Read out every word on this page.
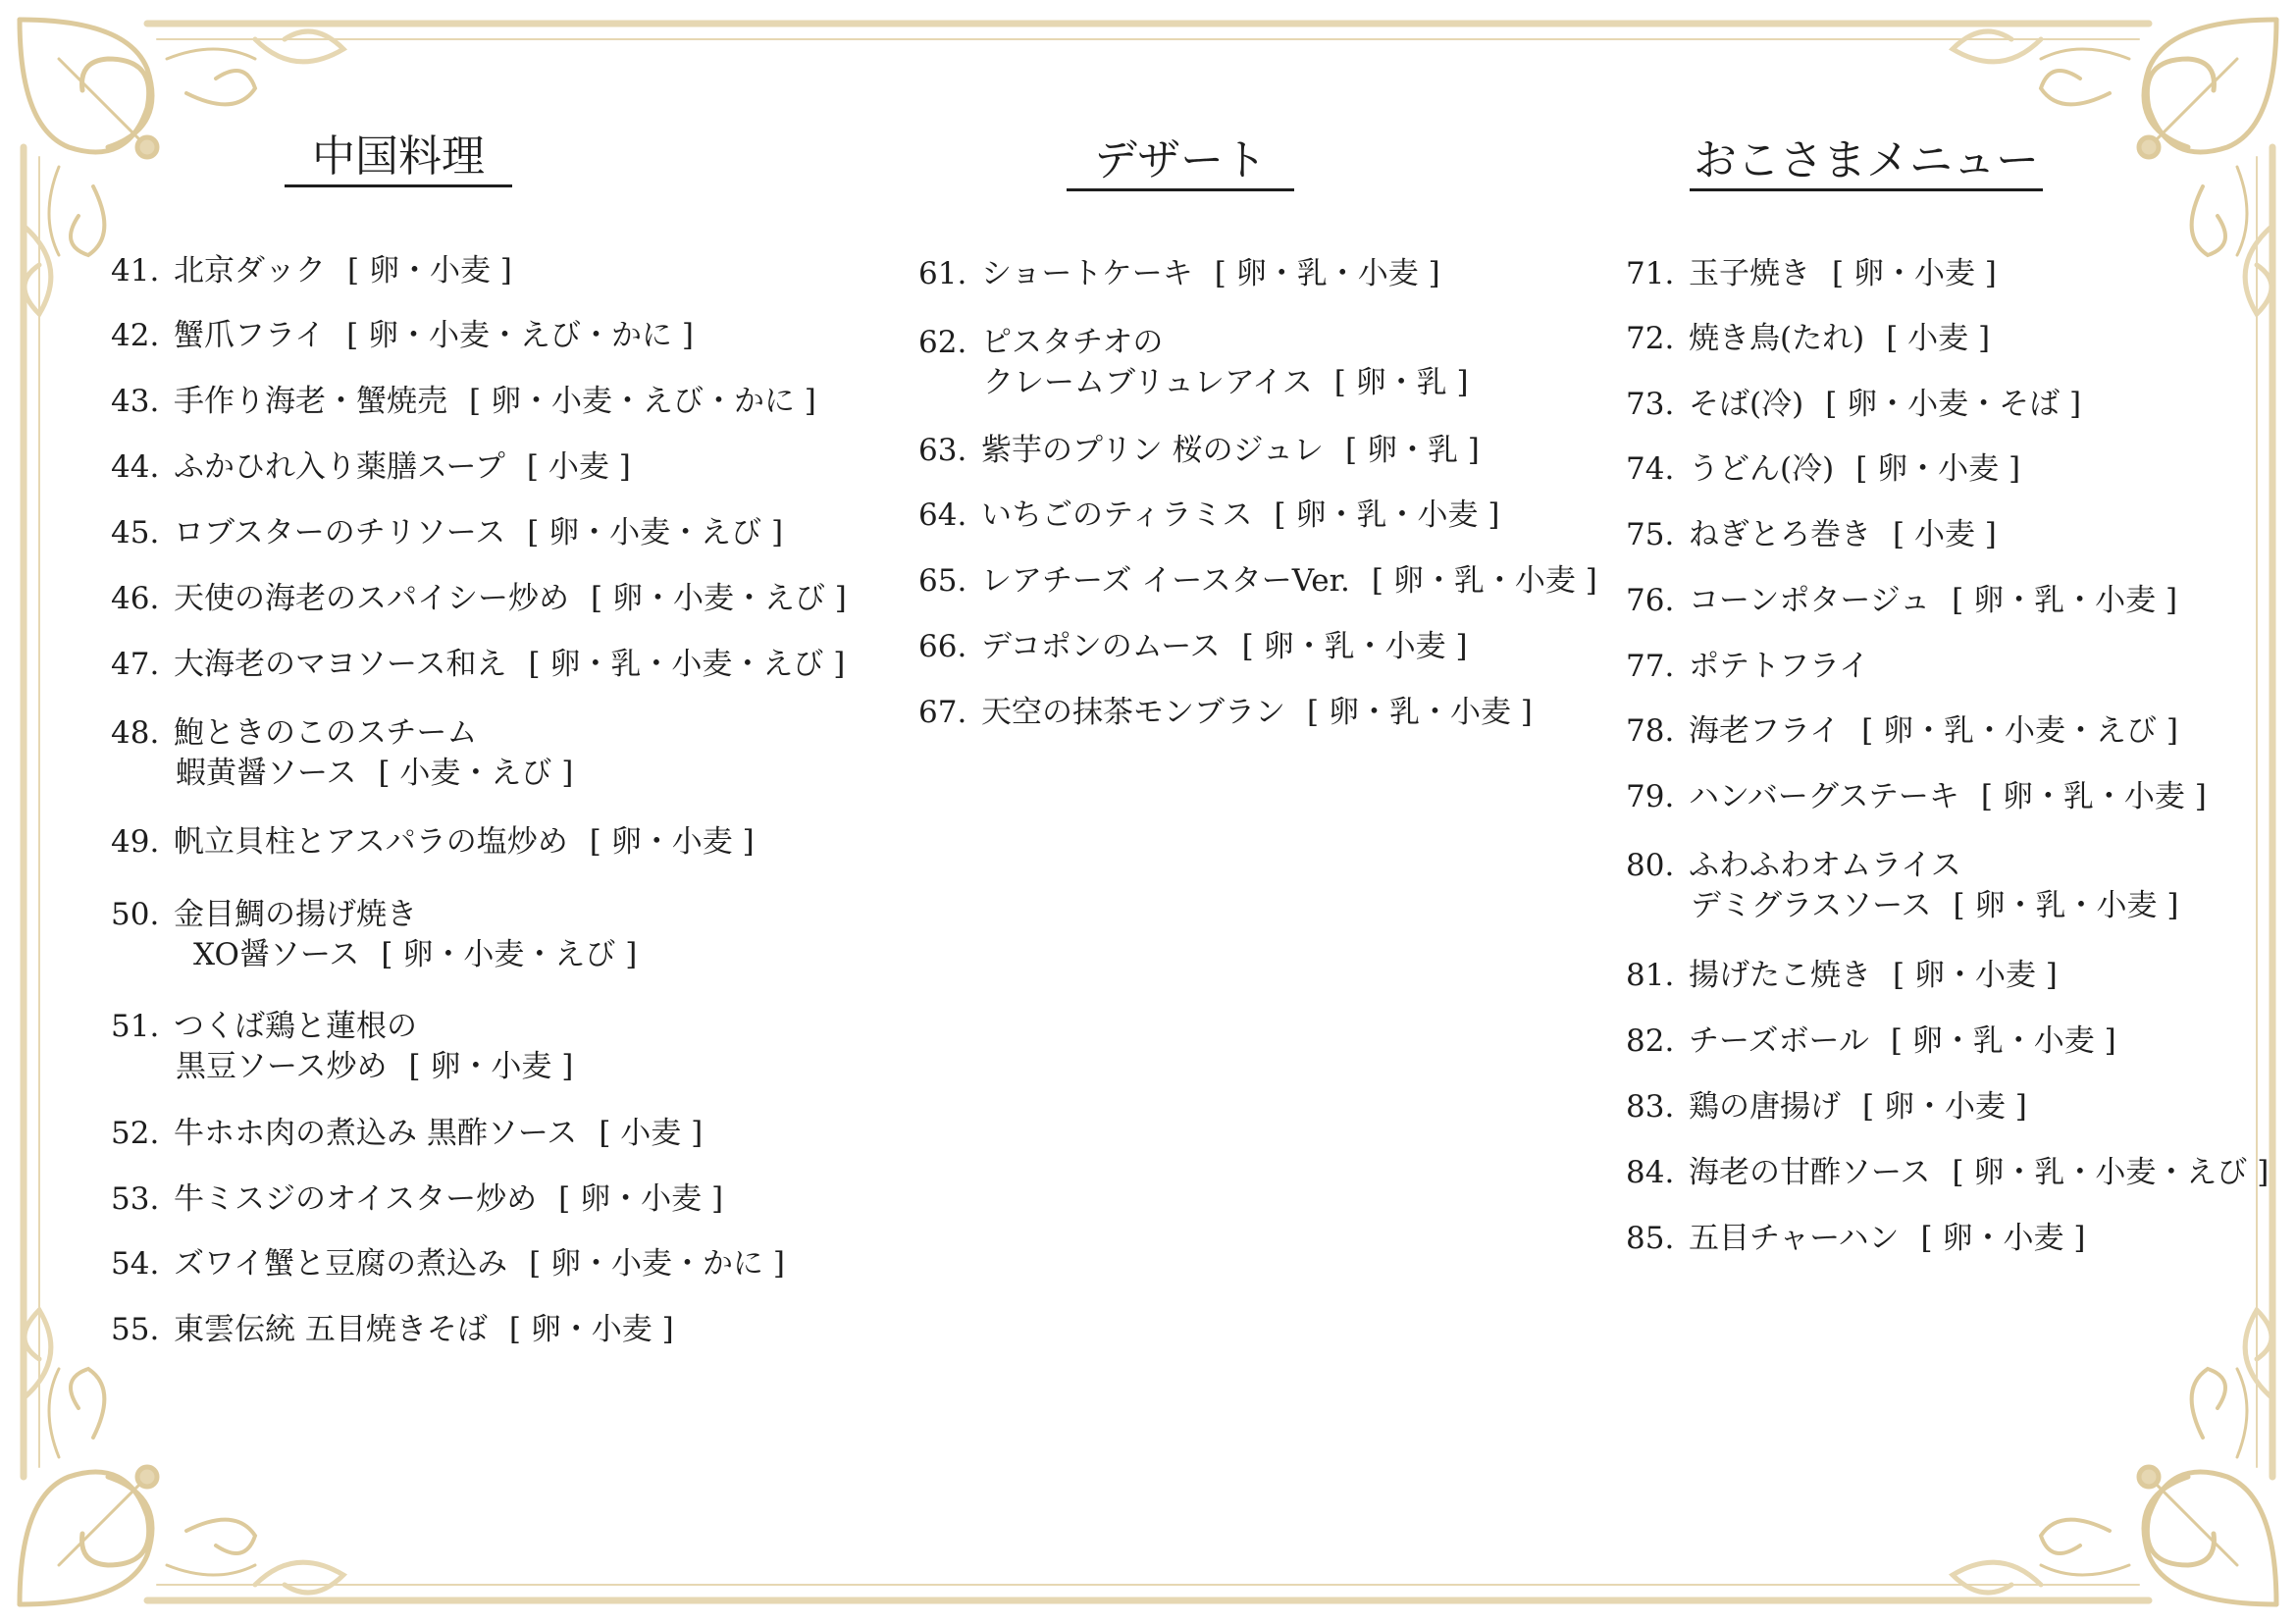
中国料理
41. 北京ダック [ 卵・小麦 ]
42. 蟹爪フライ [ 卵・小麦・えび・かに ]
43. 手作り海老・蟹焼売 [ 卵・小麦・えび・かに ]
44. ふかひれ入り薬膳スープ [ 小麦 ]
45. ロブスターのチリソース [ 卵・小麦・えび ]
46. 天使の海老のスパイシー炒め [ 卵・小麦・えび ]
47. 大海老のマヨソース和え [ 卵・乳・小麦・えび ]
48. 鮑ときのこのスチーム
蝦黄醤ソース [ 小麦・えび ]
49. 帆立貝柱とアスパラの塩炒め [ 卵・小麦 ]
50. 金目鯛の揚げ焼き
XO醤ソース [ 卵・小麦・えび ]
51. つくば鶏と蓮根の
黒豆ソース炒め [ 卵・小麦 ]
52. 牛ホホ肉の煮込み 黒酢ソース [ 小麦 ]
53. 牛ミスジのオイスター炒め [ 卵・小麦 ]
54. ズワイ蟹と豆腐の煮込み [ 卵・小麦・かに ]
55. 東雲伝統 五目焼きそば [ 卵・小麦 ]
デザート
61. ショートケーキ [ 卵・乳・小麦 ]
62. ピスタチオの
クレームブリュレアイス [ 卵・乳 ]
63. 紫芋のプリン 桜のジュレ [ 卵・乳 ]
64. いちごのティラミス [ 卵・乳・小麦 ]
65. レアチーズ イースターVer. [ 卵・乳・小麦 ]
66. デコポンのムース [ 卵・乳・小麦 ]
67. 天空の抹茶モンブラン [ 卵・乳・小麦 ]
おこさまメニュー
71. 玉子焼き [ 卵・小麦 ]
72. 焼き鳥(たれ) [ 小麦 ]
73. そば(冷) [ 卵・小麦・そば ]
74. うどん(冷) [ 卵・小麦 ]
75. ねぎとろ巻き [ 小麦 ]
76. コーンポタージュ [ 卵・乳・小麦 ]
77. ポテトフライ
78. 海老フライ [ 卵・乳・小麦・えび ]
79. ハンバーグステーキ [ 卵・乳・小麦 ]
80. ふわふわオムライス
デミグラスソース [ 卵・乳・小麦 ]
81. 揚げたこ焼き [ 卵・小麦 ]
82. チーズボール [ 卵・乳・小麦 ]
83. 鶏の唐揚げ [ 卵・小麦 ]
84. 海老の甘酢ソース [ 卵・乳・小麦・えび ]
85. 五目チャーハン [ 卵・小麦 ]
